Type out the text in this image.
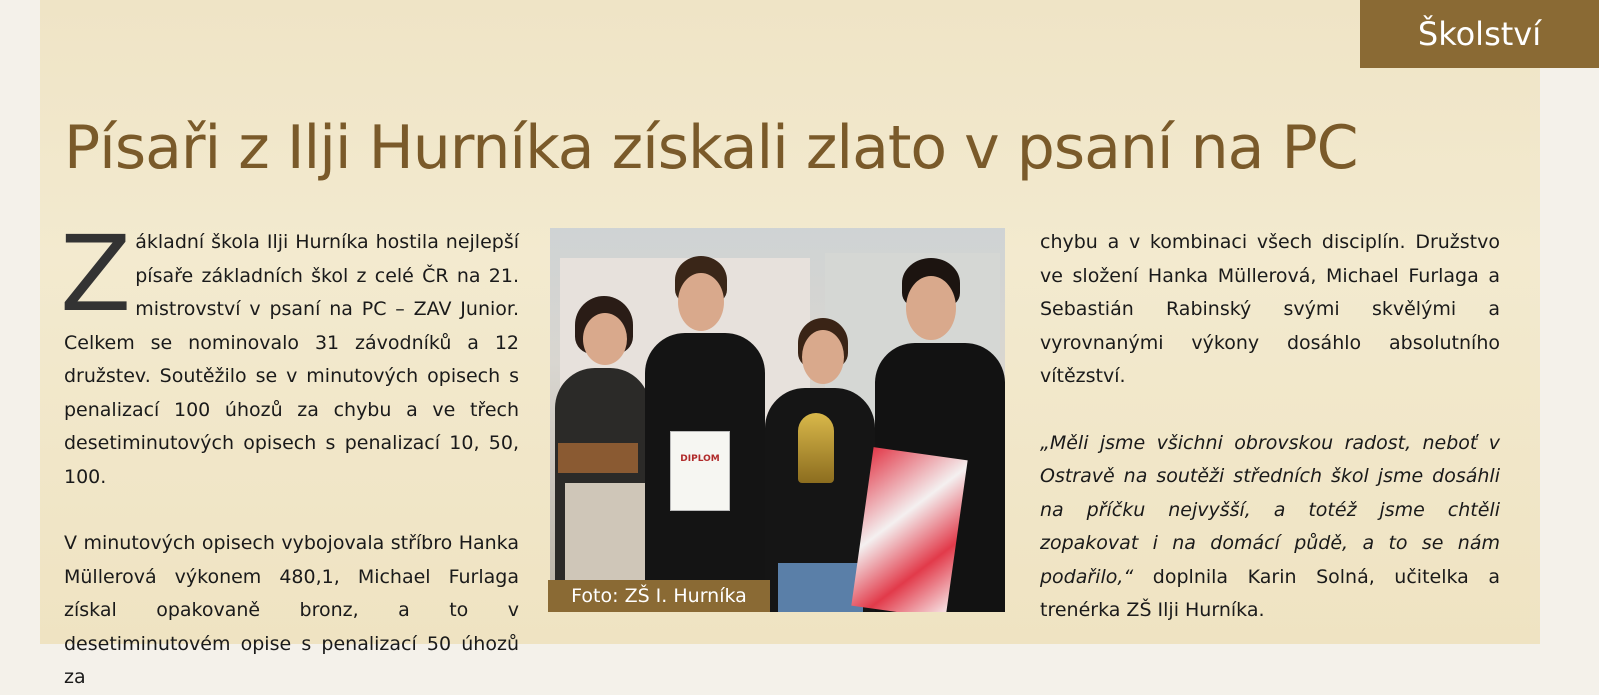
Školství
Písaři z Ilji Hurníka získali zlato v psaní na PC

Základní škola Ilji Hurníka hostila nejlepší písaře základních škol z celé ČR na 21. mistrovství v psaní na PC – ZAV Junior. Celkem se nominovalo 31 závodníků a 12 družstev. Soutěžilo se v minutových opisech s penalizací 100 úhozů za chybu a ve třech desetiminutových opisech s penalizací 10, 50, 100.

V minutových opisech vybojovala stříbro Hanka Müllerová výkonem 480,1, Michael Furlaga získal opakovaně bronz, a to v desetiminutovém opise s penalizací 50 úhozů za

DIPLOM
Foto: ZŠ I. Hurníka

chybu a v kombinaci všech disciplín. Družstvo ve složení Hanka Müllerová, Michael Furlaga a Sebastián Rabinský svými skvělými a vyrovnanými výkony dosáhlo absolutního vítězství.

„Měli jsme všichni obrovskou radost, neboť v Ostravě na soutěži středních škol jsme dosáhli na příčku nejvyšší, a totéž jsme chtěli zopakovat i na domácí půdě, a to se nám podařilo,“ doplnila Karin Solná, učitelka a trenérka ZŠ Ilji Hurníka.
